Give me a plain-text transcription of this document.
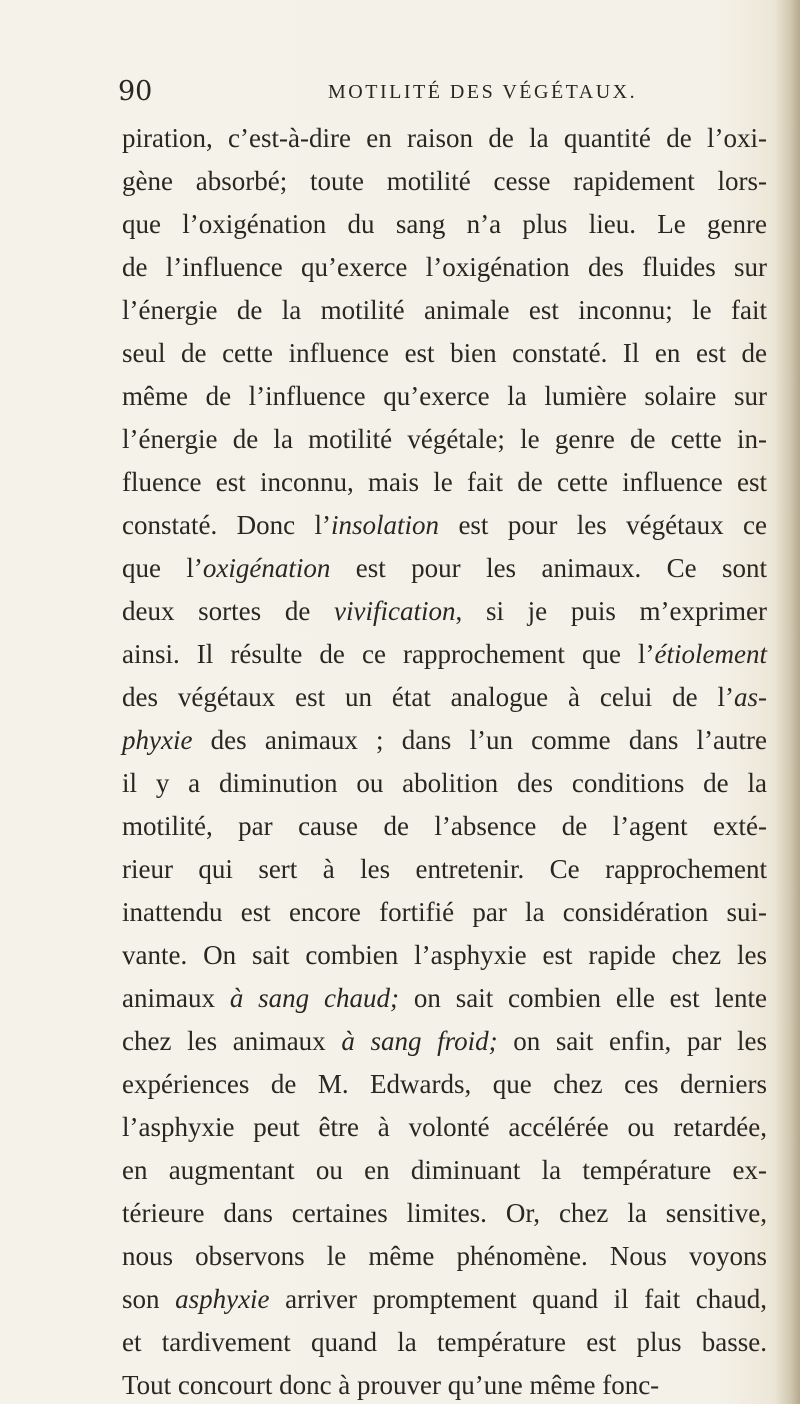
90	MOTILITÉ DES VÉGÉTAUX.
piration, c’est-à-dire en raison de la quantité de l’oxi-
gène absorbé; toute motilité cesse rapidement lors-
que l’oxigénation du sang n’a plus lieu. Le genre
de l’influence qu’exerce l’oxigénation des fluides sur
l’énergie de la motilité animale est inconnu; le fait
seul de cette influence est bien constaté. Il en est de
même de l’influence qu’exerce la lumière solaire sur
l’énergie de la motilité végétale; le genre de cette in-
fluence est inconnu, mais le fait de cette influence est
constaté. Donc l’insolation est pour les végétaux ce
que l’oxigénation est pour les animaux. Ce sont
deux sortes de vivification, si je puis m’exprimer
ainsi. Il résulte de ce rapprochement que l’étiolement
des végétaux est un état analogue à celui de l’as-
phyxie des animaux ; dans l’un comme dans l’autre
il y a diminution ou abolition des conditions de la
motilité, par cause de l’absence de l’agent exté-
rieur qui sert à les entretenir. Ce rapprochement
inattendu est encore fortifié par la considération sui-
vante. On sait combien l’asphyxie est rapide chez les
animaux à sang chaud; on sait combien elle est lente
chez les animaux à sang froid; on sait enfin, par les
expériences de M. Edwards, que chez ces derniers
l’asphyxie peut être à volonté accélérée ou retardée,
en augmentant ou en diminuant la température ex-
térieure dans certaines limites. Or, chez la sensitive,
nous observons le même phénomène. Nous voyons
son asphyxie arriver promptement quand il fait chaud,
et tardivement quand la température est plus basse.
Tout concourt donc à prouver qu’une même fonc-
